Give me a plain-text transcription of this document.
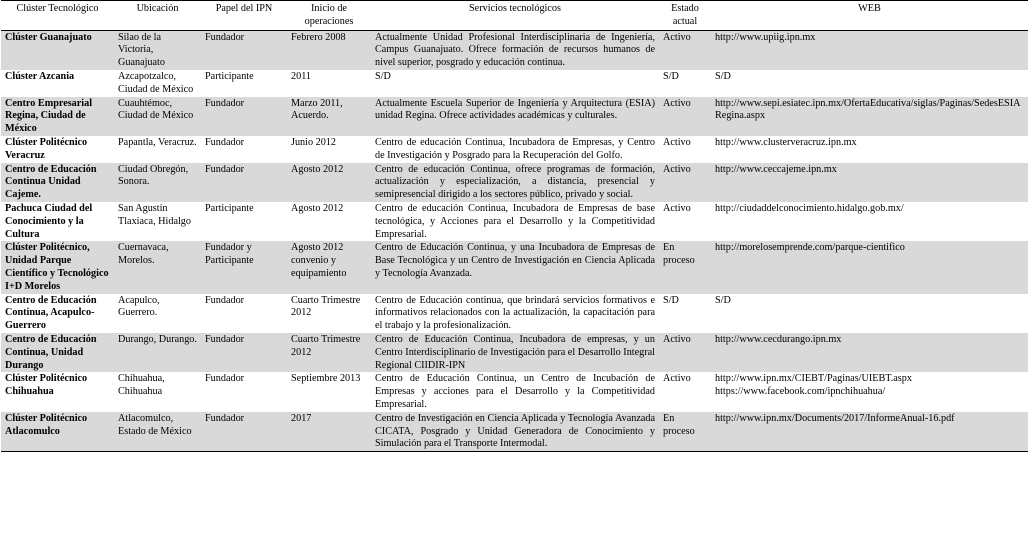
Clúster Tecnológico	Ubicación	Papel del IPN	Inicio de operaciones	Servicios tecnológicos	Estado actual	WEB
Clúster Guanajuato	Silao de la Victoria, Guanajuato	Fundador	Febrero 2008	Actualmente Unidad Profesional Interdisciplinaria de Ingeniería, Campus Guanajuato. Ofrece formación de recursos humanos de nivel superior, posgrado y educación continua.	Activo	http://www.upiig.ipn.mx

Clúster Azcania	Azcapotzalco, Ciudad de México	Participante	2011	S/D	S/D	S/D

Centro Empresarial Regina, Ciudad de México	Cuauhtémoc, Ciudad de México	Fundador	Marzo 2011, Acuerdo.	Actualmente Escuela Superior de Ingeniería y Arquitectura (ESIA) unidad Regina. Ofrece actividades académicas y culturales.	Activo	http://www.sepi.esiatec.ipn.mx/OfertaEducativa/siglas/Paginas/SedesESIARegina.aspx

Clúster Politécnico Veracruz	Papantla, Veracruz.	Fundador	Junio 2012	Centro de educación Continua, Incubadora de Empresas, y Centro de Investigación y Posgrado para la Recuperación del Golfo.	Activo	http://www.clusterveracruz.ipn.mx

Centro de Educación Continua Unidad Cajeme.	Ciudad Obregón, Sonora.	Fundador	Agosto 2012	Centro de educación Continua, ofrece programas de formación, actualización y especialización, a distancia, presencial y semipresencial dirigido a los sectores público, privado y social.	Activo	http://www.ceccajeme.ipn.mx

Pachuca Ciudad del Conocimiento y la Cultura	San Agustín Tlaxiaca, Hidalgo	Participante	Agosto 2012	Centro de educación Continua, Incubadora de Empresas de base tecnológica, y Acciones para el Desarrollo y la Competitividad Empresarial.	Activo	http://ciudaddelconocimiento.hidalgo.gob.mx/

Clúster Politécnico, Unidad Parque Científico y Tecnológico I+D Morelos	Cuernavaca, Morelos.	Fundador y Participante	Agosto 2012 convenio y equipamiento	Centro de Educación Continua, y una Incubadora de Empresas de Base Tecnológica y un Centro de Investigación en Ciencia Aplicada y Tecnología Avanzada.	En proceso	http://morelosemprende.com/parque-cientifico

Centro de Educación Continua, Acapulco-Guerrero	Acapulco, Guerrero.	Fundador	Cuarto Trimestre 2012	Centro de Educación continua, que brindará servicios formativos e informativos relacionados con la actualización, la capacitación para el trabajo y la profesionalización.	S/D	S/D

Centro de Educación Continua, Unidad Durango	Durango, Durango.	Fundador	Cuarto Trimestre 2012	Centro de Educación Continua, Incubadora de empresas, y un Centro Interdisciplinario de Investigación para el Desarrollo Integral Regional CIIDIR-IPN	Activo	http://www.cecdurango.ipn.mx

Clúster Politécnico Chihuahua	Chihuahua, Chihuahua	Fundador	Septiembre 2013	Centro de Educación Continua, un Centro de Incubación de Empresas y acciones para el Desarrollo y la Competitividad Empresarial.	Activo	http://www.ipn.mx/CIEBT/Paginas/UIEBT.aspx
https://www.facebook.com/ipnchihuahua/

Clúster Politécnico Atlacomulco	Atlacomulco, Estado de México	Fundador	2017	Centro de Investigación en Ciencia Aplicada y Tecnología Avanzada CICATA, Posgrado y Unidad Generadora de Conocimiento y Simulación para el Transporte Intermodal.	En proceso	http://www.ipn.mx/Documents/2017/InformeAnual-16.pdf
